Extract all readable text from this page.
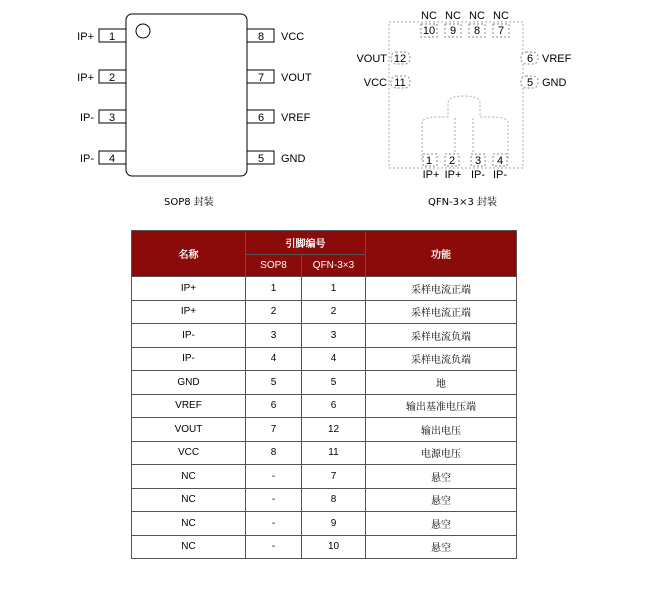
1
2
3
4
IP+
IP+
IP-
IP-
8
7
6
5
VCC
VOUT
VREF
GND
NC NC NC NC
10 9 8 7
12
11
VOUT
VCC
6
5
VREF
GND
1 2 3 4
IP+ IP+ IP- IP-
SOP8 封装	QFN-3×3 封装
名称	引脚编号		功能
	SOP8	QFN-3×3	
IP+	1	1	采样电流正端
IP+	2	2	采样电流正端
IP-	3	3	采样电流负端
IP-	4	4	采样电流负端
GND	5	5	地
VREF	6	6	输出基准电压端
VOUT	7	12	输出电压
VCC	8	11	电源电压
NC	-	7	悬空
NC	-	8	悬空
NC	-	9	悬空
NC	-	10	悬空
